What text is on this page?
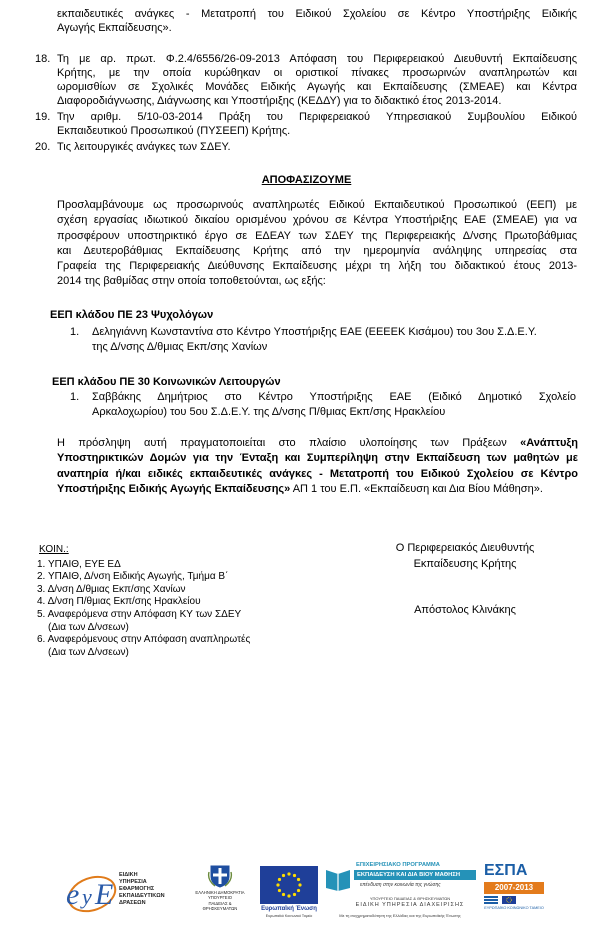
εκπαιδευτικές ανάγκες - Μετατροπή του Ειδικού Σχολείου σε Κέντρο Υποστήριξης Ειδικής
Αγωγής Εκπαίδευσης».
18. Τη με αρ. πρωτ. Φ.2.4/6556/26-09-2013 Απόφαση του Περιφερειακού Διευθυντή Εκπαίδευσης
Κρήτης, με την οποία κυρώθηκαν οι οριστικοί πίνακες προσωρινών αναπληρωτών και
ωρομισθίων σε Σχολικές Μονάδες Ειδικής Αγωγής και Εκπαίδευσης (ΣΜΕΑΕ) και Κέντρα
Διαφοροδιάγνωσης, Διάγνωσης και Υποστήριξης (ΚΕΔΔΥ) για το διδακτικό έτος 2013-2014.
19. Την αριθμ. 5/10-03-2014 Πράξη του Περιφερειακού Υπηρεσιακού Συμβουλίου Ειδικού
Εκπαιδευτικού Προσωπικού (ΠΥΣΕΕΠ) Κρήτης.
20. Τις λειτουργικές ανάγκες των ΣΔΕΥ.
ΑΠΟΦΑΣΙΖΟΥΜΕ
Προσλαμβάνουμε ως προσωρινούς αναπληρωτές Ειδικού Εκπαιδευτικού Προσωπικού (ΕΕΠ) με
σχέση εργασίας ιδιωτικού δικαίου ορισμένου χρόνου σε Κέντρα Υποστήριξης ΕΑΕ (ΣΜΕΑΕ) για να
προσφέρουν υποστηρικτικό έργο σε ΕΔΕΑΥ των ΣΔΕΥ της Περιφερειακής Δ/νσης Πρωτοβάθμιας
και Δευτεροβάθμιας Εκπαίδευσης Κρήτης από την ημερομηνία ανάληψης υπηρεσίας στα
Γραφεία της Περιφερειακής Διεύθυνσης Εκπαίδευσης μέχρι τη λήξη του διδακτικού έτους 2013-
2014 της βαθμίδας στην οποία τοποθετούνται, ως εξής:
ΕΕΠ κλάδου ΠΕ 23 Ψυχολόγων
1.	Δεληγιάννη Κωνσταντίνα στο Κέντρο Υποστήριξης ΕΑΕ (ΕΕΕΕΚ Κισάμου) του 3ου Σ.Δ.Ε.Υ.
της Δ/νσης Δ/θμιας Εκπ/σης Χανίων
ΕΕΠ κλάδου ΠΕ 30 Κοινωνικών Λειτουργών
1.	Σαββάκης Δημήτριος στο Κέντρο Υποστήριξης ΕΑΕ (Ειδικό Δημοτικό Σχολείο
Αρκαλοχωρίου) του 5ου Σ.Δ.Ε.Υ. της Δ/νσης Π/θμιας Εκπ/σης Ηρακλείου
Η πρόσληψη αυτή πραγματοποιείται στο πλαίσιο υλοποίησης των Πράξεων «Ανάπτυξη
Υποστηρικτικών Δομών για την Ένταξη και Συμπερίληψη στην Εκπαίδευση των μαθητών με
αναπηρία ή/και ειδικές εκπαιδευτικές ανάγκες - Μετατροπή του Ειδικού Σχολείου σε Κέντρο
Υποστήριξης Ειδικής Αγωγής Εκπαίδευσης» ΑΠ 1 του Ε.Π. «Εκπαίδευση και Δια Βίου Μάθηση».
ΚΟΙΝ.:
1. ΥΠΑΙΘ, ΕΥΕ ΕΔ
2. ΥΠΑΙΘ, Δ/νση Ειδικής Αγωγής, Τμήμα Β΄
3. Δ/νση Δ/θμιας Εκπ/σης Χανίων
4. Δ/νση Π/θμιας Εκπ/σης Ηρακλείου
5. Αναφερόμενα στην Απόφαση ΚΥ των ΣΔΕΥ
(Δια των Δ/νσεων)
6. Αναφερόμενους στην Απόφαση αναπληρωτές
(Δια των Δ/νσεων)
Ο Περιφερειακός Διευθυντής
Εκπαίδευσης Κρήτης
Απόστολος Κλινάκης
e y E
ΕΙΔΙΚΗ
ΥΠΗΡΕΣΙΑ
ΕΦΑΡΜΟΓΗΣ
ΕΚΠΑΙΔΕΥΤΙΚΩΝ
ΔΡΑΣΕΩΝ
ΕΛΛΗΝΙΚΗ ΔΗΜΟΚΡΑΤΙΑ
ΥΠΟΥΡΓΕΙΟ
ΠΑΙΔΕΙΑΣ &
ΘΡΗΣΚΕΥΜΑΤΩΝ	Ευρωπαϊκή Ένωση
Ευρωπαϊκό Κοινωνικό Ταμείο
ΕΠΙΧΕΙΡΗΣΙΑΚΟ ΠΡΟΓΡΑΜΜΑ
ΕΚΠΑΙΔΕΥΣΗ ΚΑΙ ΔΙΑ ΒΙΟΥ ΜΑΘΗΣΗ
επένδυση στην κοινωνία της γνώσης
ΥΠΟΥΡΓΕΙΟ ΠΑΙΔΕΙΑΣ & ΘΡΗΣΚΕΥΜΑΤΩΝ
ΕΙΔΙΚΗ ΥΠΗΡΕΣΙΑ ΔΙΑΧΕΙΡΙΣΗΣ
Με τη συγχρηματοδότηση της Ελλάδας και της Ευρωπαϊκής Ένωσης
ΕΣΠΑ
2007-2013
ΕΥΡΩΠΑΪΚΟ ΚΟΙΝΩΝΙΚΟ ΤΑΜΕΙΟ
